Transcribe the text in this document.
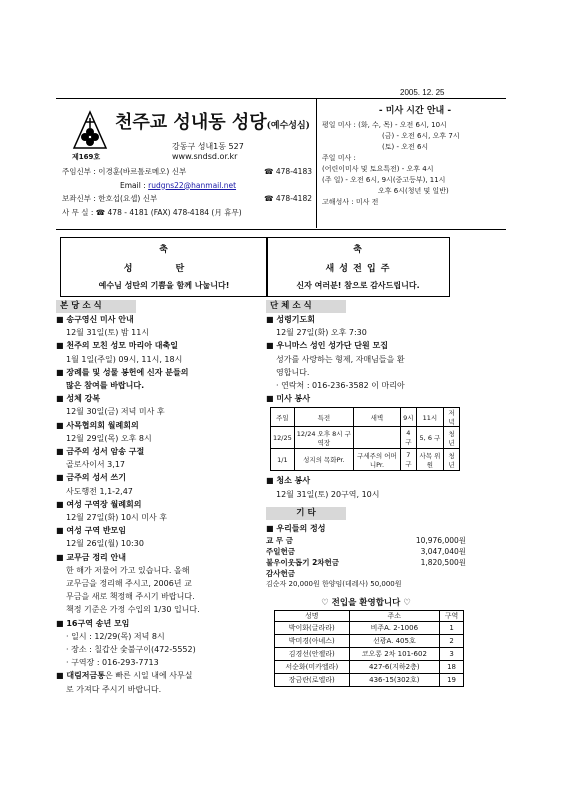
2005. 12. 25
제169호
천주교 성내동 성당(예수성심)
강동구 성내1동 527
www.sndsd.or.kr
주임신부 : 이경훈(바르톨로메오) 신부	☎ 478-4183
Email : rudgns22@hanmail.net
보좌신부 : 한호섭(요셉) 신부	☎ 478-4182
사 무 실 : ☎ 478 - 4181 (FAX) 478-4184 (月 휴무)
- 미사 시간 안내 -
평일 미사 : (화, 수, 목) - 오전 6시, 10시
(금) - 오전 6시, 오후 7시
(토) - 오전 6시
주일 미사 :
(어린이미사 및 토요특전) - 오후 4시
(주 일) - 오전 6시, 9시(중고등부), 11시
오후 6시(청년 및 일반)
고해성사 : 미사 전
축
성 탄
예수님 성탄의 기쁨을 함께 나눕니다!
축
새 성 전 입 주
신자 여러분! 참으로 감사드립니다.
본 당 소 식
■ 송구영신 미사 안내
12월 31일(토) 밤 11시
■ 천주의 모친 성모 마리아 대축일
1월 1일(주일) 09시, 11시, 18시
■ 장례를 및 성물 봉헌에 신자 분들의
많은 참여를 바랍니다.
■ 성체 강복
12월 30일(금) 저녁 미사 후
■ 사목협의회 월례회의
12월 29일(목) 오후 8시
■ 금주의 성서 암송 구절
골로사이서 3,17
■ 금주의 성서 쓰기
사도행전 1,1-2,47
■ 여성 구역장 월례회의
12월 27일(화) 10시 미사 후
■ 여성 구역 반모임
12월 26일(월) 10:30
■ 교무금 정리 안내
한 해가 저물어 가고 있습니다. 올해
교무금을 정리해 주시고, 2006년 교
무금을 새로 책정해 주시기 바랍니다.
책정 기준은 가정 수입의 1/30 입니다.
■ 16구역 송년 모임
· 일시 : 12/29(목) 저녁 8시
· 장소 : 칠갑산 숯불구이(472-5552)
· 구역장 : 016-293-7713
■ 대림저금통은 빠른 시일 내에 사무실
로 가져다 주시기 바랍니다.
단 체 소 식
■ 성령기도회
12월 27일(화) 오후 7:30
■ 우니마스 성인 성가단 단원 모집
성가를 사랑하는 형제, 자매님들을 환
영합니다.
· 연락처 : 016-236-3582 이 마리아
■ 미사 봉사
주일	특전	새벽	9시	11시	저녁
12/25	12/24 오후 8시 구역장		4 구	5, 6 구	청년
1/1	성지의 목화Pr.	구세주의 어머니Pr.	7 구	사목 위원	청년
■ 청소 봉사
12월 31일(토) 20구역, 10시
기 타
■ 우리들의 정성
교 무 금	10,976,000원
주일헌금	3,047,040원
불우이웃돕기 2차헌금	1,820,500원
감사헌금
김순자 20,000원 한양임(데레사) 50,000원
♡ 전입을 환영합니다 ♡
성명	주소	구역
박이화(글라라)	비주A. 2-1006	1
박미경(아녜스)	선광A. 405호	2
김경선(안젤라)	코오롱 2차 101-602	3
서순화(미카엘라)	427-6(지하2층)	18
장금란(로엘라)	436-15(302호)	19
